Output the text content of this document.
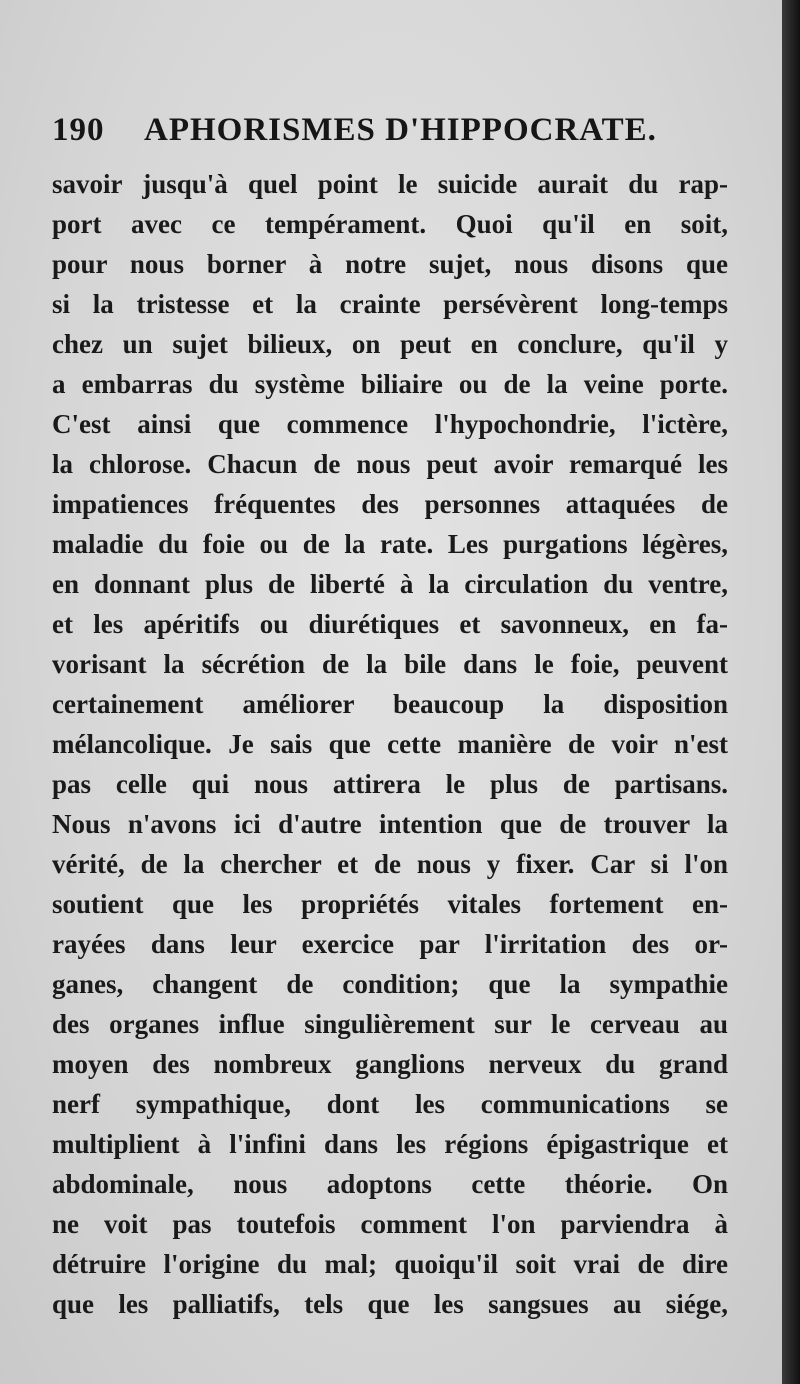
190 APHORISMES D'HIPPOCRATE.
savoir jusqu'à quel point le suicide aurait du rap-
port avec ce tempérament. Quoi qu'il en soit,
pour nous borner à notre sujet, nous disons que
si la tristesse et la crainte persévèrent long-temps
chez un sujet bilieux, on peut en conclure, qu'il y
a embarras du système biliaire ou de la veine porte.
C'est ainsi que commence l'hypochondrie, l'ictère,
la chlorose. Chacun de nous peut avoir remarqué les
impatiences fréquentes des personnes attaquées de
maladie du foie ou de la rate. Les purgations légères,
en donnant plus de liberté à la circulation du ventre,
et les apéritifs ou diurétiques et savonneux, en fa-
vorisant la sécrétion de la bile dans le foie, peuvent
certainement améliorer beaucoup la disposition
mélancolique. Je sais que cette manière de voir n'est
pas celle qui nous attirera le plus de partisans.
Nous n'avons ici d'autre intention que de trouver la
vérité, de la chercher et de nous y fixer. Car si l'on
soutient que les propriétés vitales fortement en-
rayées dans leur exercice par l'irritation des or-
ganes, changent de condition; que la sympathie
des organes influe singulièrement sur le cerveau au
moyen des nombreux ganglions nerveux du grand
nerf sympathique, dont les communications se
multiplient à l'infini dans les régions épigastrique et
abdominale, nous adoptons cette théorie. On
ne voit pas toutefois comment l'on parviendra à
détruire l'origine du mal; quoiqu'il soit vrai de dire
que les palliatifs, tels que les sangsues au siége,
